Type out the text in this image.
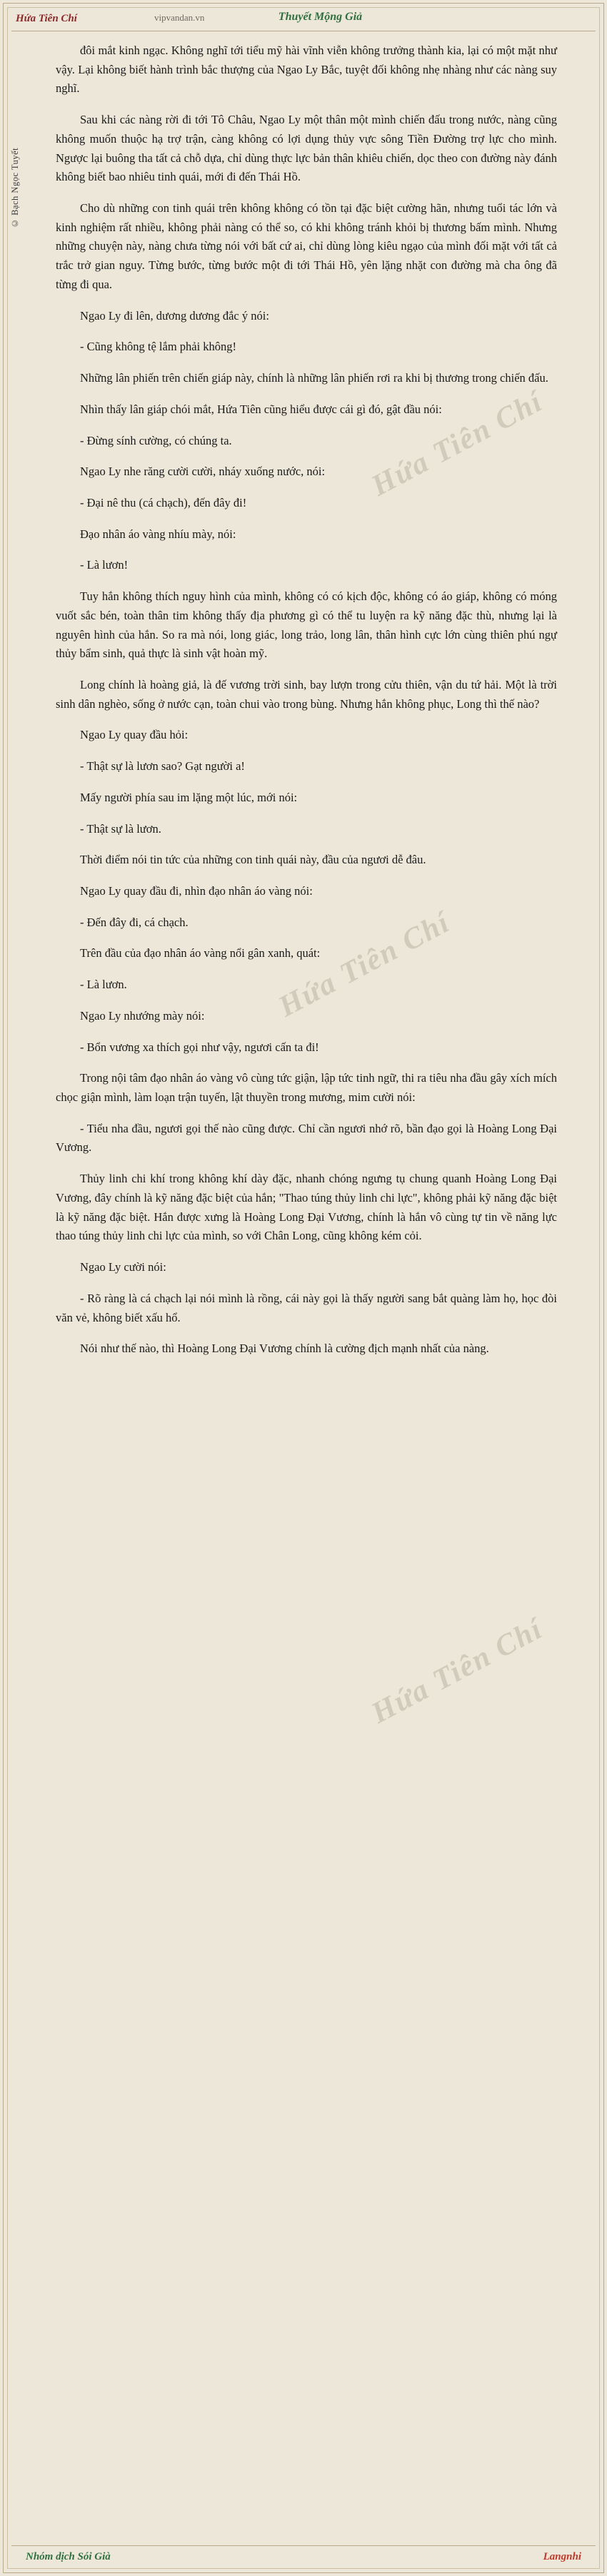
Hứa Tiên Chí	vipvandan.vn	Thuyết Mộng Giả
© Bạch Ngọc Tuyết
Hứa Tiên Chí
Hứa Tiên Chí
Hứa Tiên Chí

đôi mắt kinh ngạc. Không nghĩ tới tiểu mỹ hài vĩnh viễn không trưởng thành kia, lại có một mặt như vậy. Lại không biết hành trình bắc thượng của Ngao Ly Bắc, tuyệt đối không nhẹ nhàng như các nàng suy nghĩ.

Sau khi các nàng rời đi tới Tô Châu, Ngao Ly một thân một mình chiến đấu trong nước, nàng cũng không muốn thuộc hạ trợ trận, càng không có lợi dụng thủy vực sông Tiền Đường trợ lực cho mình. Ngược lại buông tha tất cả chỗ dựa, chỉ dùng thực lực bản thân khiêu chiến, dọc theo con đường này đánh không biết bao nhiêu tinh quái, mới đi đến Thái Hồ.

Cho dù những con tinh quái trên không không có tồn tại đặc biệt cường hãn, nhưng tuổi tác lớn và kinh nghiệm rất nhiều, không phải nàng có thể so, có khi không tránh khỏi bị thương bấm mình. Nhưng những chuyện này, nàng chưa từng nói với bất cứ ai, chỉ dùng lòng kiêu ngạo của mình đối mặt với tất cả trắc trở gian nguy. Từng bước, từng bước một đi tới Thái Hồ, yên lặng nhặt con đường mà cha ông đã từng đi qua.

Ngao Ly đi lên, dương dương đắc ý nói:

- Cũng không tệ lắm phải không!

Những lân phiến trên chiến giáp này, chính là những lân phiến rơi ra khi bị thương trong chiến đấu.

Nhìn thấy lân giáp chói mắt, Hứa Tiên cũng hiểu được cái gì đó, gật đầu nói:

- Đừng sính cường, có chúng ta.

Ngao Ly nhe răng cười cười, nháy xuống nước, nói:

- Đại nê thu (cá chạch), đến đây đi!

Đạo nhân áo vàng nhíu mày, nói:

- Là lươn!

Tuy hắn không thích nguy hình của mình, không có có kịch độc, không có áo giáp, không có móng vuốt sắc bén, toàn thân tim không thấy địa phương gì có thể tu luyện ra kỹ năng đặc thù, nhưng lại là nguyên hình của hắn. So ra mà nói, long giác, long trảo, long lân, thân hình cực lớn cùng thiên phú ngự thủy bẩm sinh, quả thực là sinh vật hoàn mỹ.

Long chính là hoàng giả, là đế vương trời sinh, bay lượn trong cửu thiên, vận du tứ hải. Một là trời sinh dân nghèo, sống ở nước cạn, toàn chui vào trong bùng. Nhưng hắn không phục, Long thì thế nào?

Ngao Ly quay đầu hỏi:

- Thật sự là lươn sao? Gạt người a!

Mấy người phía sau im lặng một lúc, mới nói:

- Thật sự là lươn.

Thời điểm nói tin tức của những con tinh quái này, đầu của ngươi dễ đâu.

Ngao Ly quay đầu đi, nhìn đạo nhân áo vàng nói:

- Đến đây đi, cá chạch.

Trên đầu của đạo nhân áo vàng nổi gân xanh, quát:

- Là lươn.

Ngao Ly nhướng mày nói:

- Bổn vương xa thích gọi như vậy, ngươi cấn ta đi!

Trong nội tâm đạo nhân áo vàng vô cùng tức giận, lập tức tinh ngữ, thi ra tiêu nha đầu gây xích mích chọc giận mình, làm loạn trận tuyến, lật thuyền trong mương, mim cười nói:

- Tiểu nha đầu, ngươi gọi thế nào cũng được. Chỉ cần ngươi nhớ rõ, bần đạo gọi là Hoàng Long Đại Vương.

Thủy linh chi khí trong không khí dày đặc, nhanh chóng ngưng tụ chung quanh Hoàng Long Đại Vương, đây chính là kỹ năng đặc biệt của hắn; "Thao túng thủy linh chi lực", không phải kỹ năng đặc biệt là kỹ năng đặc biệt. Hắn được xưng là Hoàng Long Đại Vương, chính là hắn vô cùng tự tin về năng lực thao túng thủy linh chi lực của mình, so với Chân Long, cũng không kém cỏi.

Ngao Ly cười nói:

- Rõ ràng là cá chạch lại nói mình là rồng, cái này gọi là thấy người sang bắt quàng làm họ, học đòi văn vẻ, không biết xấu hổ.

Nói như thế nào, thì Hoàng Long Đại Vương chính là cường địch mạnh nhất của nàng.

Nhóm dịch Sói Già	Langnhi
